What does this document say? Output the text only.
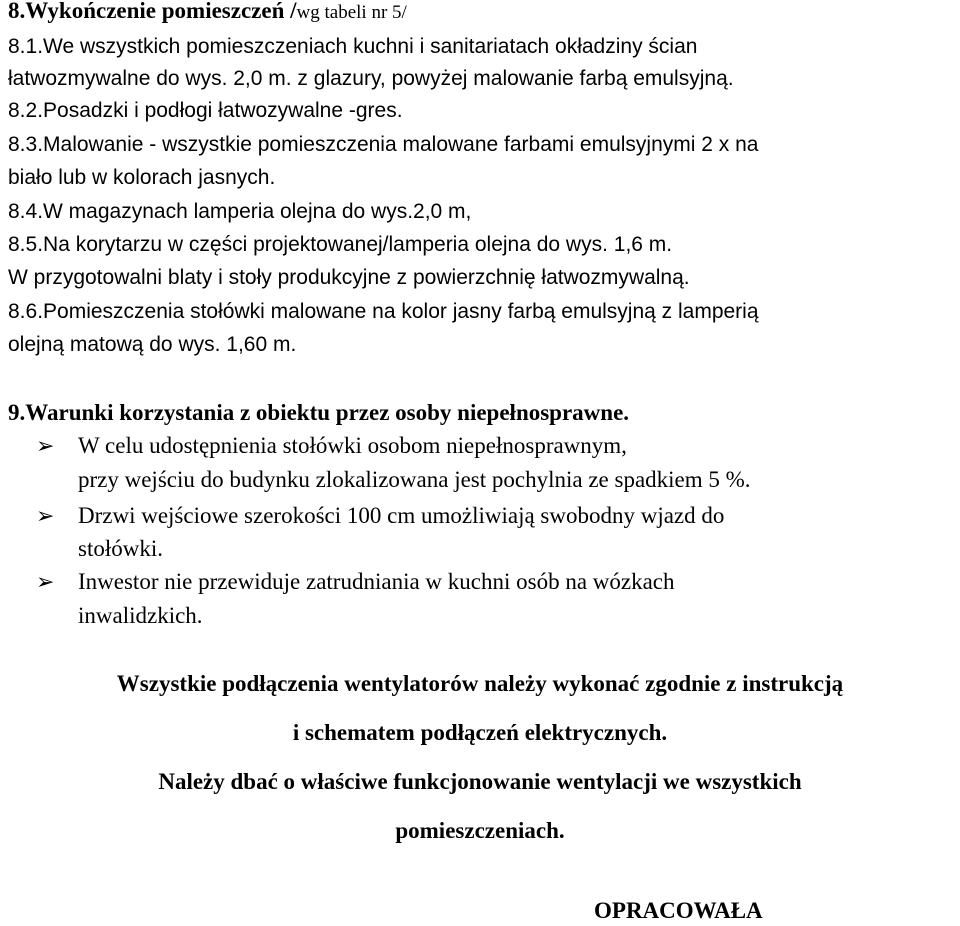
8.Wykończenie pomieszczeń /wg tabeli nr 5/
8.1.We wszystkich pomieszczeniach kuchni i sanitariatach okładziny ścian
łatwozmywalne do wys. 2,0 m. z glazury, powyżej malowanie farbą emulsyjną.
8.2.Posadzki i podłogi łatwozywalne -gres.
8.3.Malowanie - wszystkie pomieszczenia malowane farbami emulsyjnymi 2 x na
biało lub w kolorach jasnych.
8.4.W magazynach lamperia olejna do wys.2,0 m,
8.5.Na korytarzu w części projektowanej/lamperia olejna do wys. 1,6 m.
W przygotowalni blaty i stoły produkcyjne z powierzchnię łatwozmywalną.
8.6.Pomieszczenia stołówki malowane na kolor jasny farbą emulsyjną z lamperią
olejną matową do wys. 1,60 m.
9.Warunki korzystania z obiektu przez osoby niepełnosprawne.
➢ W celu udostępnienia stołówki osobom niepełnosprawnym,
przy wejściu do budynku zlokalizowana jest pochylnia ze spadkiem 5 %.
➢ Drzwi wejściowe szerokości 100 cm umożliwiają swobodny wjazd do
stołówki.
➢ Inwestor nie przewiduje zatrudniania w kuchni osób na wózkach
inwalidzkich.
Wszystkie podłączenia wentylatorów należy wykonać zgodnie z instrukcją
i schematem podłączeń elektrycznych.
Należy dbać o właściwe funkcjonowanie wentylacji we wszystkich
pomieszczeniach.
OPRACOWAŁA
